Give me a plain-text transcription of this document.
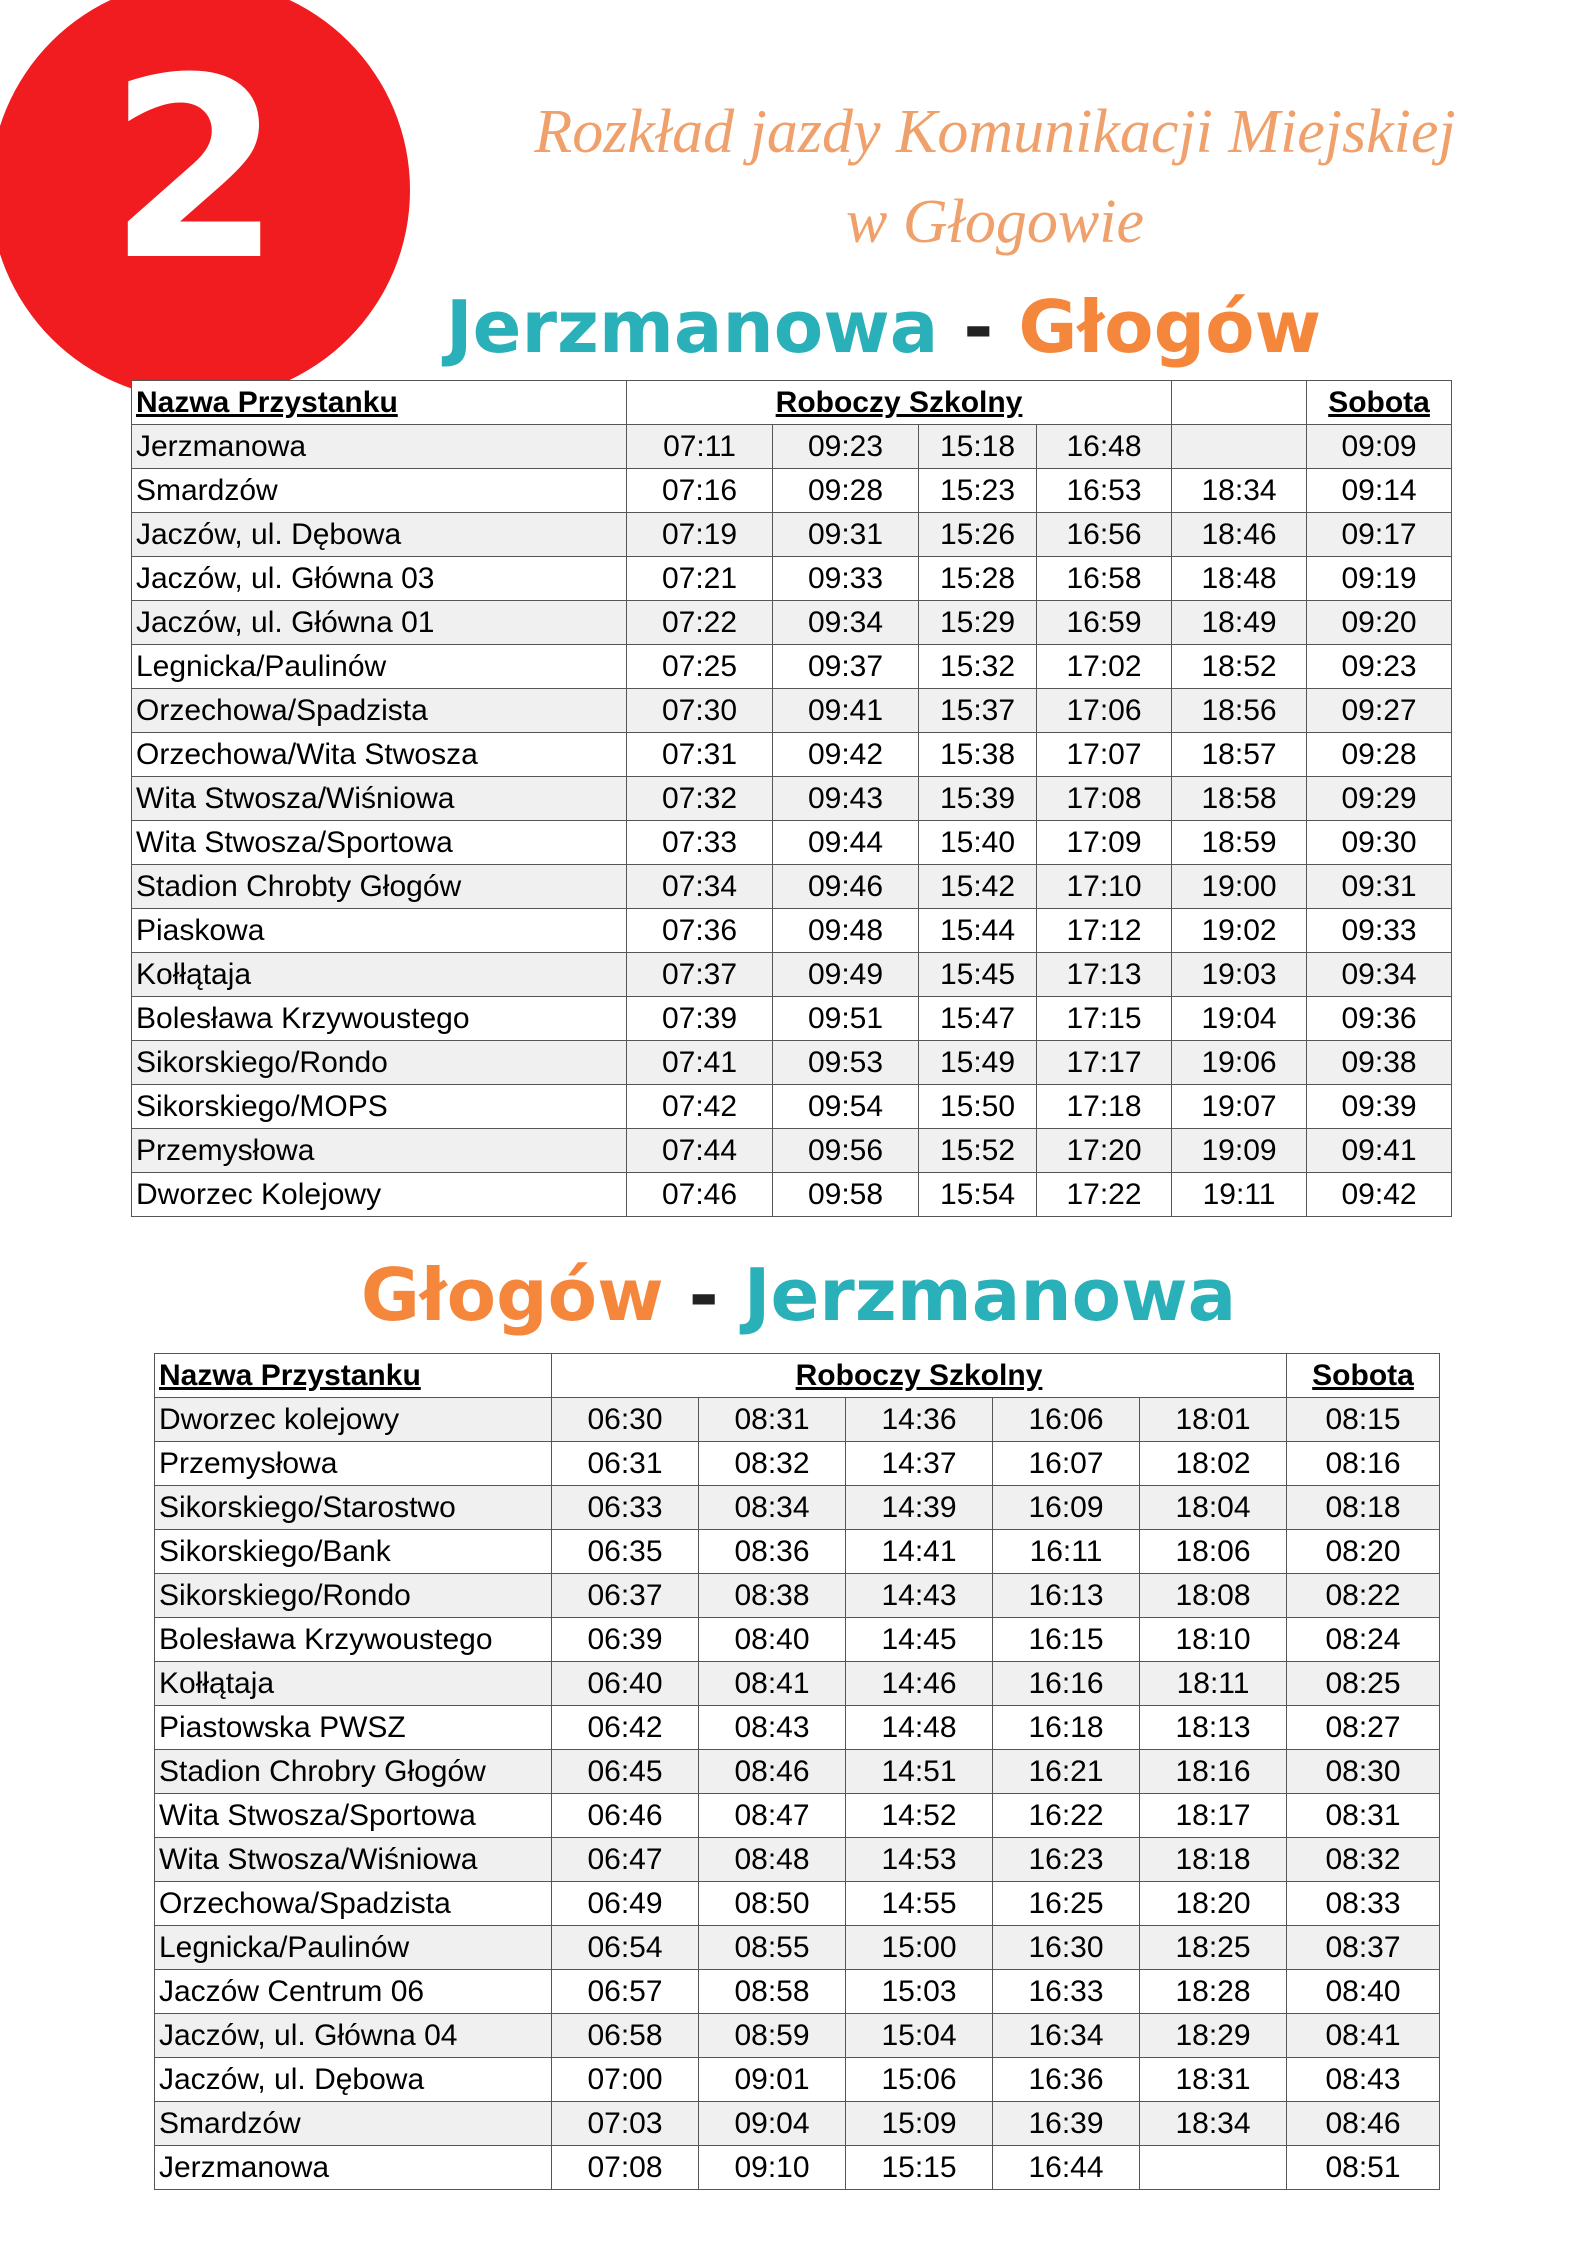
2	Rozkład jazdy Komunikacji Miejskiej
w Głogowie
Jerzmanowa - Głogów
Nazwa Przystanku	Roboczy Szkolny					Sobota
Jerzmanowa	07:11	09:23	15:18	16:48		09:09
Smardzów	07:16	09:28	15:23	16:53	18:34	09:14
Jaczów, ul. Dębowa	07:19	09:31	15:26	16:56	18:46	09:17
Jaczów, ul. Główna 03	07:21	09:33	15:28	16:58	18:48	09:19
Jaczów, ul. Główna 01	07:22	09:34	15:29	16:59	18:49	09:20
Legnicka/Paulinów	07:25	09:37	15:32	17:02	18:52	09:23
Orzechowa/Spadzista	07:30	09:41	15:37	17:06	18:56	09:27
Orzechowa/Wita Stwosza	07:31	09:42	15:38	17:07	18:57	09:28
Wita Stwosza/Wiśniowa	07:32	09:43	15:39	17:08	18:58	09:29
Wita Stwosza/Sportowa	07:33	09:44	15:40	17:09	18:59	09:30
Stadion Chrobty Głogów	07:34	09:46	15:42	17:10	19:00	09:31
Piaskowa	07:36	09:48	15:44	17:12	19:02	09:33
Kołłątaja	07:37	09:49	15:45	17:13	19:03	09:34
Bolesława Krzywoustego	07:39	09:51	15:47	17:15	19:04	09:36
Sikorskiego/Rondo	07:41	09:53	15:49	17:17	19:06	09:38
Sikorskiego/MOPS	07:42	09:54	15:50	17:18	19:07	09:39
Przemysłowa	07:44	09:56	15:52	17:20	19:09	09:41
Dworzec Kolejowy	07:46	09:58	15:54	17:22	19:11	09:42
Głogów - Jerzmanowa
Nazwa Przystanku	Roboczy Szkolny					Sobota
Dworzec kolejowy	06:30	08:31	14:36	16:06	18:01	08:15
Przemysłowa	06:31	08:32	14:37	16:07	18:02	08:16
Sikorskiego/Starostwo	06:33	08:34	14:39	16:09	18:04	08:18
Sikorskiego/Bank	06:35	08:36	14:41	16:11	18:06	08:20
Sikorskiego/Rondo	06:37	08:38	14:43	16:13	18:08	08:22
Bolesława Krzywoustego	06:39	08:40	14:45	16:15	18:10	08:24
Kołłątaja	06:40	08:41	14:46	16:16	18:11	08:25
Piastowska PWSZ	06:42	08:43	14:48	16:18	18:13	08:27
Stadion Chrobry Głogów	06:45	08:46	14:51	16:21	18:16	08:30
Wita Stwosza/Sportowa	06:46	08:47	14:52	16:22	18:17	08:31
Wita Stwosza/Wiśniowa	06:47	08:48	14:53	16:23	18:18	08:32
Orzechowa/Spadzista	06:49	08:50	14:55	16:25	18:20	08:33
Legnicka/Paulinów	06:54	08:55	15:00	16:30	18:25	08:37
Jaczów Centrum 06	06:57	08:58	15:03	16:33	18:28	08:40
Jaczów, ul. Główna 04	06:58	08:59	15:04	16:34	18:29	08:41
Jaczów, ul. Dębowa	07:00	09:01	15:06	16:36	18:31	08:43
Smardzów	07:03	09:04	15:09	16:39	18:34	08:46
Jerzmanowa	07:08	09:10	15:15	16:44		08:51
